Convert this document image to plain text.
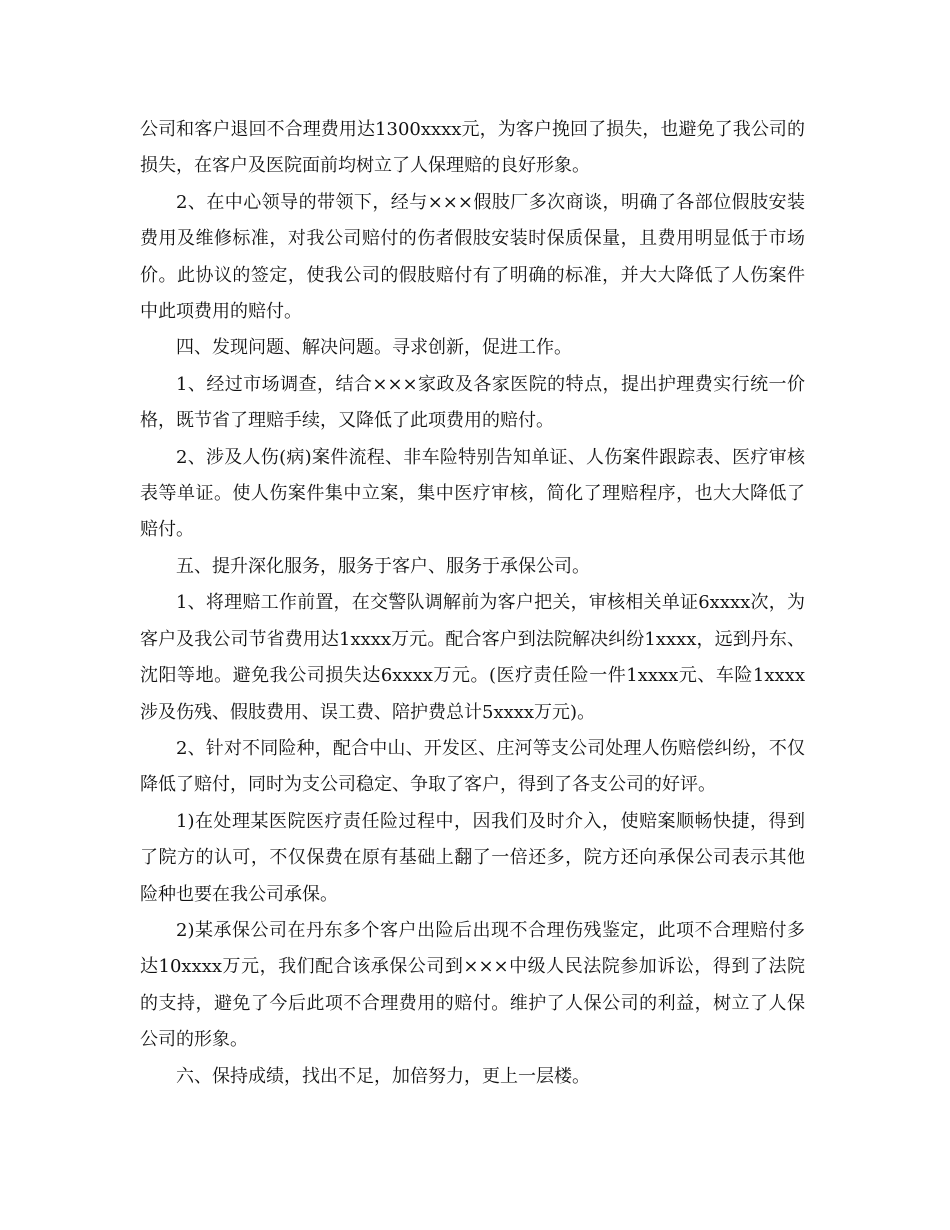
公司和客户退回不合理费用达1300xxxx元，为客户挽回了损失，也避免了我公司的损失，在客户及医院面前均树立了人保理赔的良好形象。

2、在中心领导的带领下，经与×××假肢厂多次商谈，明确了各部位假肢安装费用及维修标准，对我公司赔付的伤者假肢安装时保质保量，且费用明显低于市场价。此协议的签定，使我公司的假肢赔付有了明确的标准，并大大降低了人伤案件中此项费用的赔付。

四、发现问题、解决问题。寻求创新，促进工作。

1、经过市场调查，结合×××家政及各家医院的特点，提出护理费实行统一价格，既节省了理赔手续，又降低了此项费用的赔付。

2、涉及人伤(病)案件流程、非车险特别告知单证、人伤案件跟踪表、医疗审核表等单证。使人伤案件集中立案，集中医疗审核，简化了理赔程序，也大大降低了赔付。

五、提升深化服务，服务于客户、服务于承保公司。

1、将理赔工作前置，在交警队调解前为客户把关，审核相关单证6xxxx次，为客户及我公司节省费用达1xxxx万元。配合客户到法院解决纠纷1xxxx，远到丹东、沈阳等地。避免我公司损失达6xxxx万元。(医疗责任险一件1xxxx元、车险1xxxx涉及伤残、假肢费用、误工费、陪护费总计5xxxx万元)。

2、针对不同险种，配合中山、开发区、庄河等支公司处理人伤赔偿纠纷，不仅降低了赔付，同时为支公司稳定、争取了客户，得到了各支公司的好评。

1)在处理某医院医疗责任险过程中，因我们及时介入，使赔案顺畅快捷，得到了院方的认可，不仅保费在原有基础上翻了一倍还多，院方还向承保公司表示其他险种也要在我公司承保。

2)某承保公司在丹东多个客户出险后出现不合理伤残鉴定，此项不合理赔付多达10xxxx万元，我们配合该承保公司到×××中级人民法院参加诉讼，得到了法院的支持，避免了今后此项不合理费用的赔付。维护了人保公司的利益，树立了人保公司的形象。

六、保持成绩，找出不足，加倍努力，更上一层楼。
